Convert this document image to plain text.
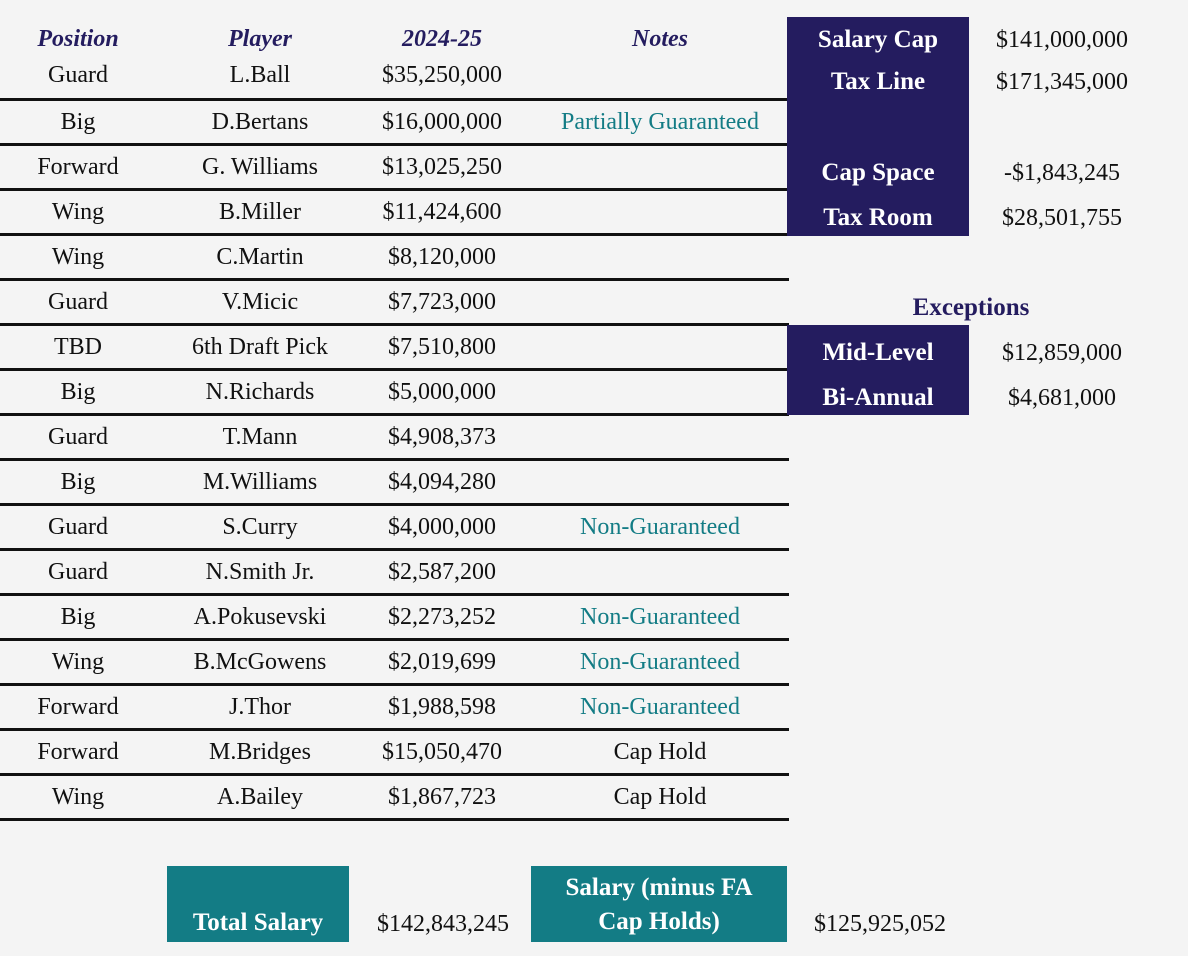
Position	Player	2024-25	Notes
Guard	L.Ball	$35,250,000
Big	D.Bertans	$16,000,000	Partially Guaranteed
Forward	G. Williams	$13,025,250
Wing	B.Miller	$11,424,600
Wing	C.Martin	$8,120,000
Guard	V.Micic	$7,723,000
TBD	6th Draft Pick	$7,510,800
Big	N.Richards	$5,000,000
Guard	T.Mann	$4,908,373
Big	M.Williams	$4,094,280
Guard	S.Curry	$4,000,000	Non-Guaranteed
Guard	N.Smith Jr.	$2,587,200
Big	A.Pokusevski	$2,273,252	Non-Guaranteed
Wing	B.McGowens	$2,019,699	Non-Guaranteed
Forward	J.Thor	$1,988,598	Non-Guaranteed
Forward	M.Bridges	$15,050,470	Cap Hold
Wing	A.Bailey	$1,867,723	Cap Hold
Salary Cap	$141,000,000
Tax Line	$171,345,000
Cap Space	-$1,843,245
Tax Room	$28,501,755
Exceptions
Mid-Level	$12,859,000
Bi-Annual	$4,681,000
Total Salary	$142,843,245
Salary (minus FA
Cap Holds)	$125,925,052
